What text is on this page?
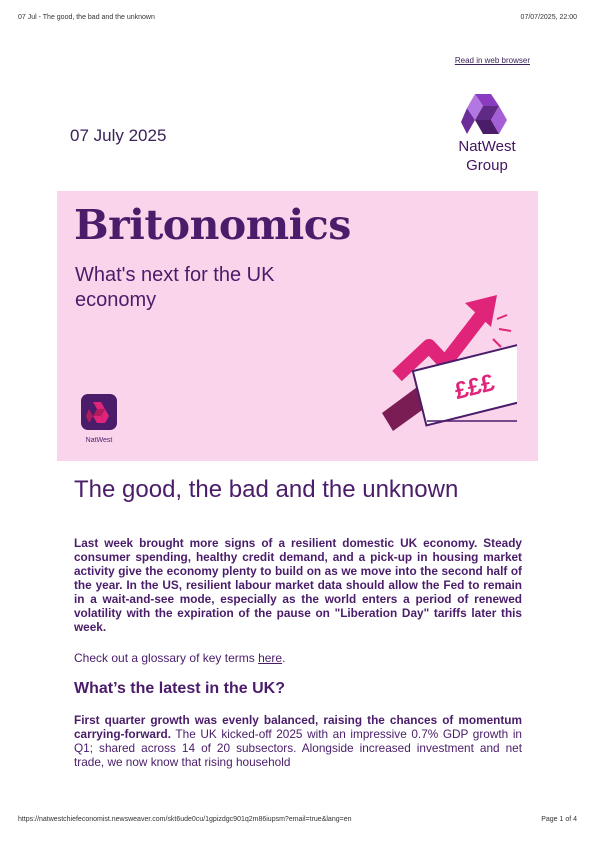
07 Jul - The good, the bad and the unknown	07/07/2025, 22:00
Read in web browser
07 July 2025
NatWest
Group
Britonomics
What's next for the UK economy
£££
NatWest
The good, the bad and the unknown

Last week brought more signs of a resilient domestic UK economy. Steady consumer spending, healthy credit demand, and a pick-up in housing market activity give the economy plenty to build on as we move into the second half of the year. In the US, resilient labour market data should allow the Fed to remain in a wait-and-see mode, especially as the world enters a period of renewed volatility with the expiration of the pause on "Liberation Day" tariffs later this week.

Check out a glossary of key terms here.

What’s the latest in the UK?

First quarter growth was evenly balanced, raising the chances of momentum carrying-forward. The UK kicked-off 2025 with an impressive 0.7% GDP growth in Q1; shared across 14 of 20 subsectors. Alongside increased investment and net trade, we now know that rising household

https://natwestchiefeconomist.newsweaver.com/skt6ude0cu/1gpizdgc901q2m86iupsm?email=true&lang=en	Page 1 of 4
